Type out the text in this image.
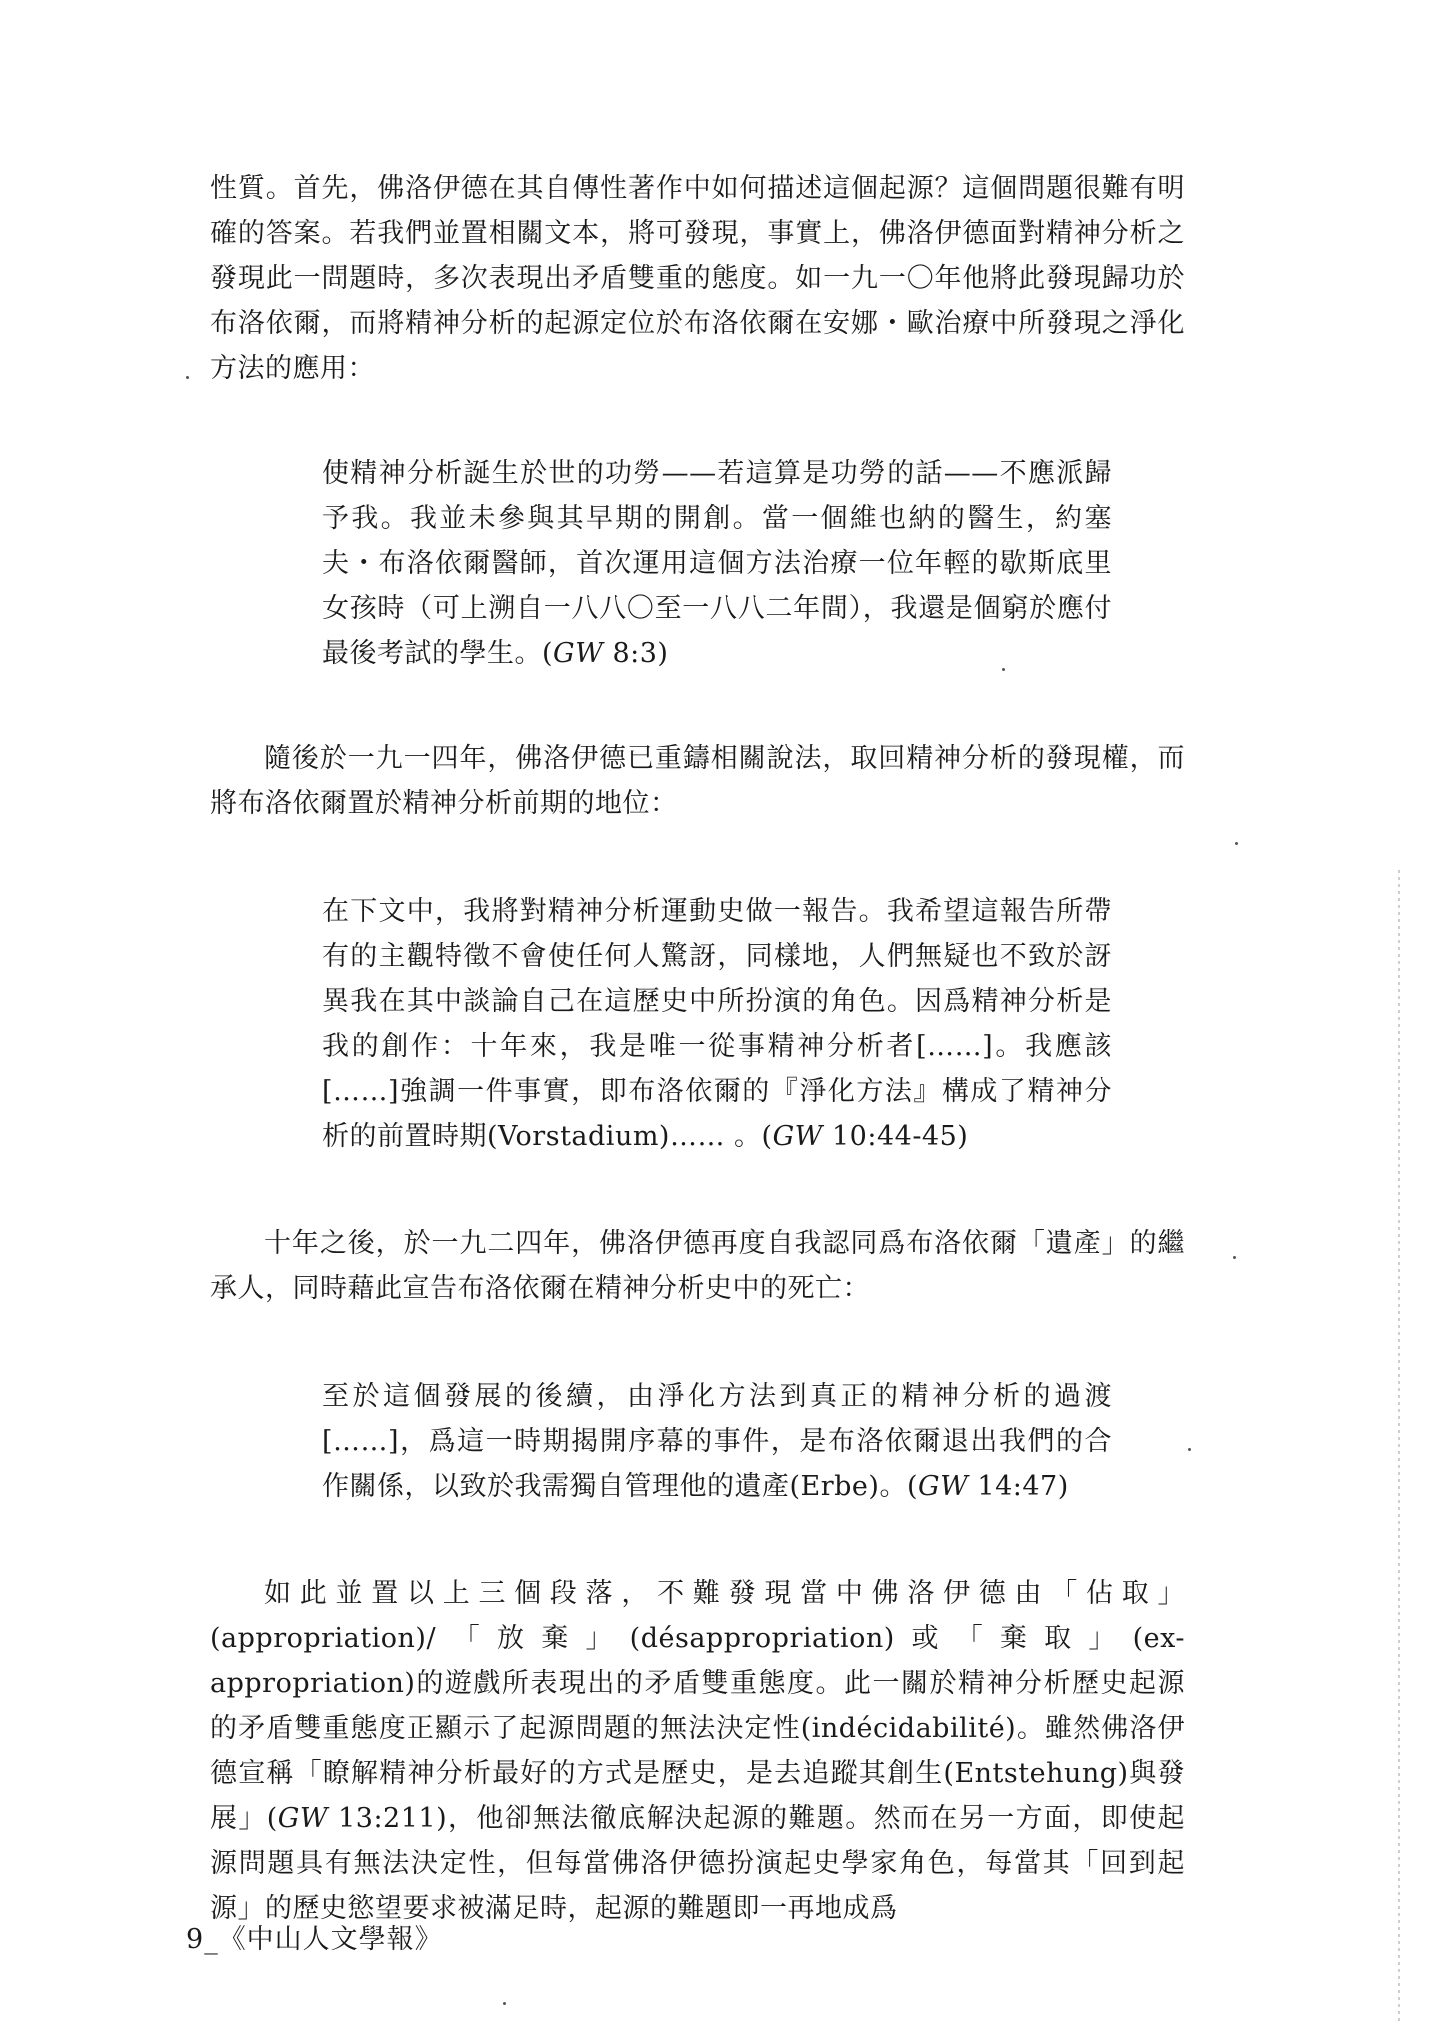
性質。首先，佛洛伊德在其自傳性著作中如何描述這個起源？這個問題很難有明確的答案。若我們並置相關文本，將可發現，事實上，佛洛伊德面對精神分析之發現此一問題時，多次表現出矛盾雙重的態度。如一九一〇年他將此發現歸功於布洛依爾，而將精神分析的起源定位於布洛依爾在安娜・歐治療中所發現之淨化方法的應用：

使精神分析誕生於世的功勞——若這算是功勞的話——不應派歸予我。我並未參與其早期的開創。當一個維也納的醫生，約塞夫・布洛依爾醫師，首次運用這個方法治療一位年輕的歇斯底里女孩時（可上溯自一八八〇至一八八二年間），我還是個窮於應付最後考試的學生。(GW 8:3)

隨後於一九一四年，佛洛伊德已重鑄相關說法，取回精神分析的發現權，而將布洛依爾置於精神分析前期的地位：

在下文中，我將對精神分析運動史做一報告。我希望這報告所帶有的主觀特徵不會使任何人驚訝，同樣地，人們無疑也不致於訝異我在其中談論自己在這歷史中所扮演的角色。因爲精神分析是我的創作：十年來，我是唯一從事精神分析者[……]。我應該[……]強調一件事實，即布洛依爾的『淨化方法』構成了精神分析的前置時期(Vorstadium)…… 。(GW 10:44-45)

十年之後，於一九二四年，佛洛伊德再度自我認同爲布洛依爾「遺產」的繼承人，同時藉此宣告布洛依爾在精神分析史中的死亡：

至於這個發展的後續，由淨化方法到真正的精神分析的過渡[……]，爲這一時期揭開序幕的事件，是布洛依爾退出我們的合作關係，以致於我需獨自管理他的遺產(Erbe)。(GW 14:47)

如此並置以上三個段落，不難發現當中佛洛伊德由「佔取」(appropriation)/「放棄」(désappropriation)或「棄取」(ex-appropriation)的遊戲所表現出的矛盾雙重態度。此一關於精神分析歷史起源的矛盾雙重態度正顯示了起源問題的無法決定性(indécidabilité)。雖然佛洛伊德宣稱「瞭解精神分析最好的方式是歷史，是去追蹤其創生(Entstehung)與發展」(GW 13:211)，他卻無法徹底解決起源的難題。然而在另一方面，即使起源問題具有無法決定性，但每當佛洛伊德扮演起史學家角色，每當其「回到起源」的歷史慾望要求被滿足時，起源的難題即一再地成爲

9_《中山人文學報》
